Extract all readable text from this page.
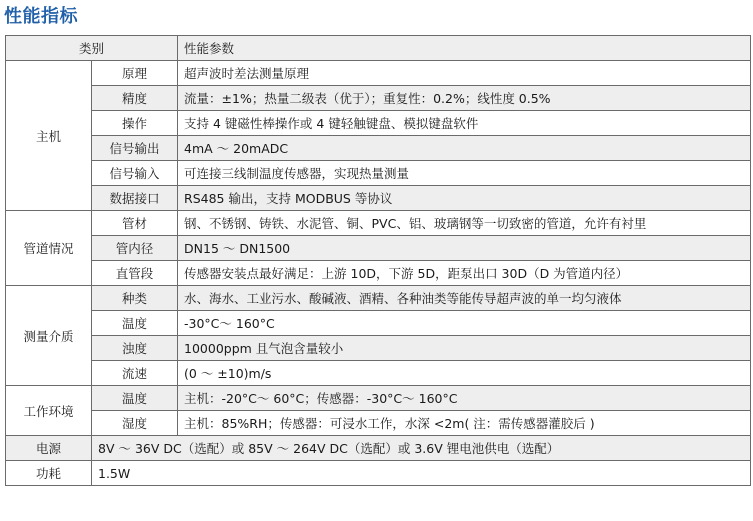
性能指标
类别		性能参数
主机	原理	超声波时差法测量原理
	精度	流量：±1%；热量二级表（优于）；重复性：0.2%；线性度 0.5%
	操作	支持 4 键磁性棒操作或 4 键轻触键盘、模拟键盘软件
	信号输出	4mA ～ 20mADC
	信号输入	可连接三线制温度传感器，实现热量测量
	数据接口	RS485 输出，支持 MODBUS 等协议
管道情况	管材	钢、不锈钢、铸铁、水泥管、铜、PVC、铝、玻璃钢等一切致密的管道，允许有衬里
	管内径	DN15 ～ DN1500
	直管段	传感器安装点最好满足：上游 10D，下游 5D，距泵出口 30D（D 为管道内径）
测量介质	种类	水、海水、工业污水、酸碱液、酒精、各种油类等能传导超声波的单一均匀液体
	温度	-30°C～ 160°C
	浊度	10000ppm 且气泡含量较小
	流速	(0 ～ ±10)m/s
工作环境	温度	主机：-20°C～ 60°C；传感器：-30°C～ 160°C
	湿度	主机：85%RH；传感器：可浸水工作，水深 <2m( 注：需传感器灌胶后 )
电源	8V ～ 36V DC（选配）或 85V ～ 264V DC（选配）或 3.6V 锂电池供电（选配）	
功耗	1.5W	
